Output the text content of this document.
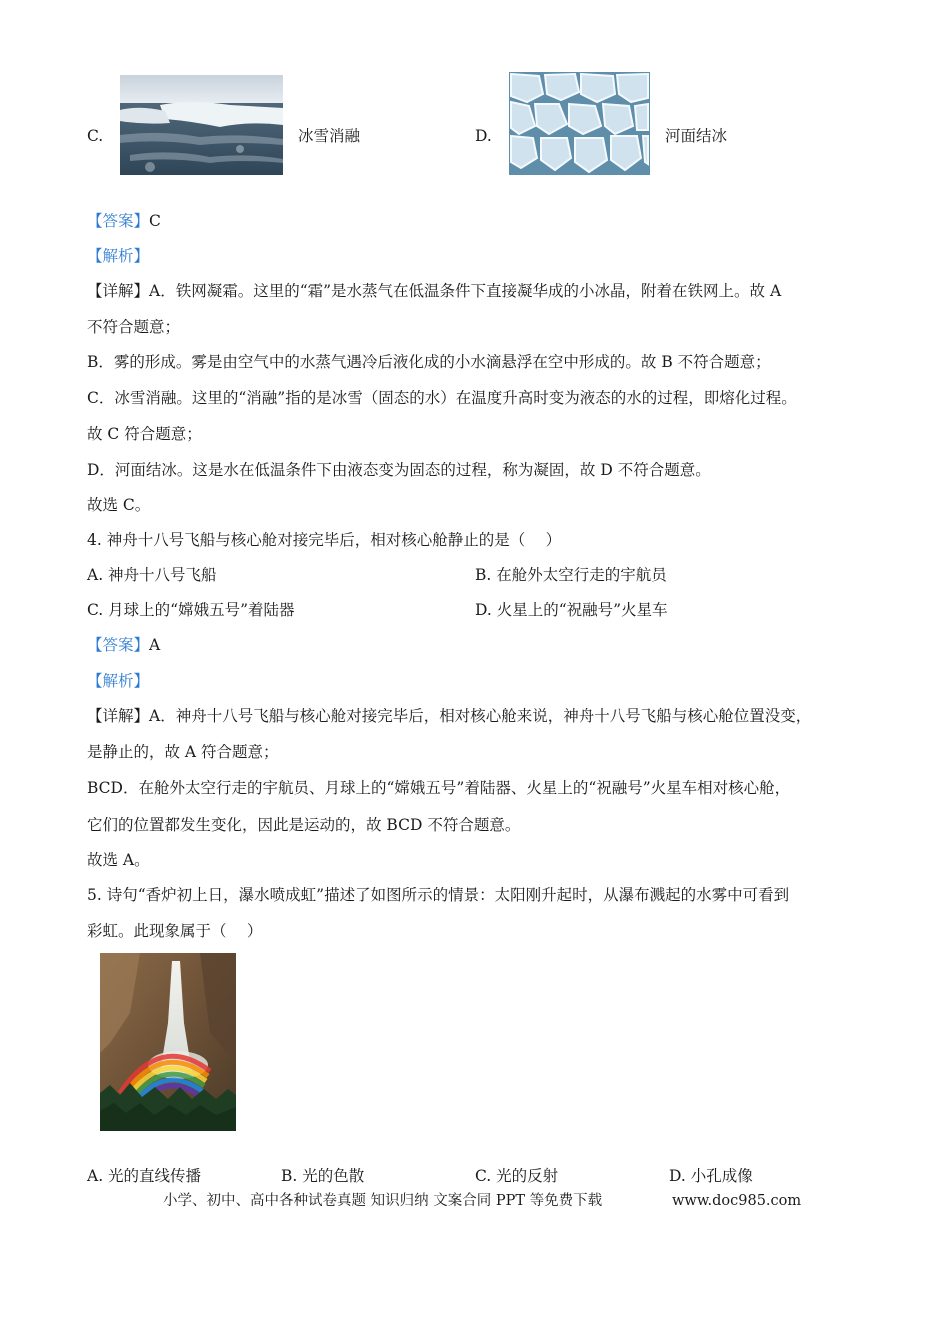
C.	冰雪消融	D.	河面结冰
【答案】C
【解析】
【详解】A．铁网凝霜。这里的“霜”是水蒸气在低温条件下直接凝华成的小冰晶，附着在铁网上。故 A
不符合题意；
B．雾的形成。雾是由空气中的水蒸气遇冷后液化成的小水滴悬浮在空中形成的。故 B 不符合题意；
C．冰雪消融。这里的“消融”指的是冰雪（固态的水）在温度升高时变为液态的水的过程，即熔化过程。
故 C 符合题意；
D．河面结冰。这是水在低温条件下由液态变为固态的过程，称为凝固，故 D 不符合题意。
故选 C。
4. 神舟十八号飞船与核心舱对接完毕后，相对核心舱静止的是（　 ）
A. 神舟十八号飞船	B. 在舱外太空行走的宇航员
C. 月球上的“嫦娥五号”着陆器	D. 火星上的“祝融号”火星车
【答案】A
【解析】
【详解】A．神舟十八号飞船与核心舱对接完毕后，相对核心舱来说，神舟十八号飞船与核心舱位置没变，
是静止的，故 A 符合题意；
BCD．在舱外太空行走的宇航员、月球上的“嫦娥五号”着陆器、火星上的“祝融号”火星车相对核心舱，
它们的位置都发生变化，因此是运动的，故 BCD 不符合题意。
故选 A。
5. 诗句“香炉初上日，瀑水喷成虹”描述了如图所示的情景：太阳刚升起时，从瀑布溅起的水雾中可看到
彩虹。此现象属于（　 ）
A. 光的直线传播	B. 光的色散	C. 光的反射	D. 小孔成像
小学、初中、高中各种试卷真题 知识归纳 文案合同 PPT 等免费下载	www.doc985.com
